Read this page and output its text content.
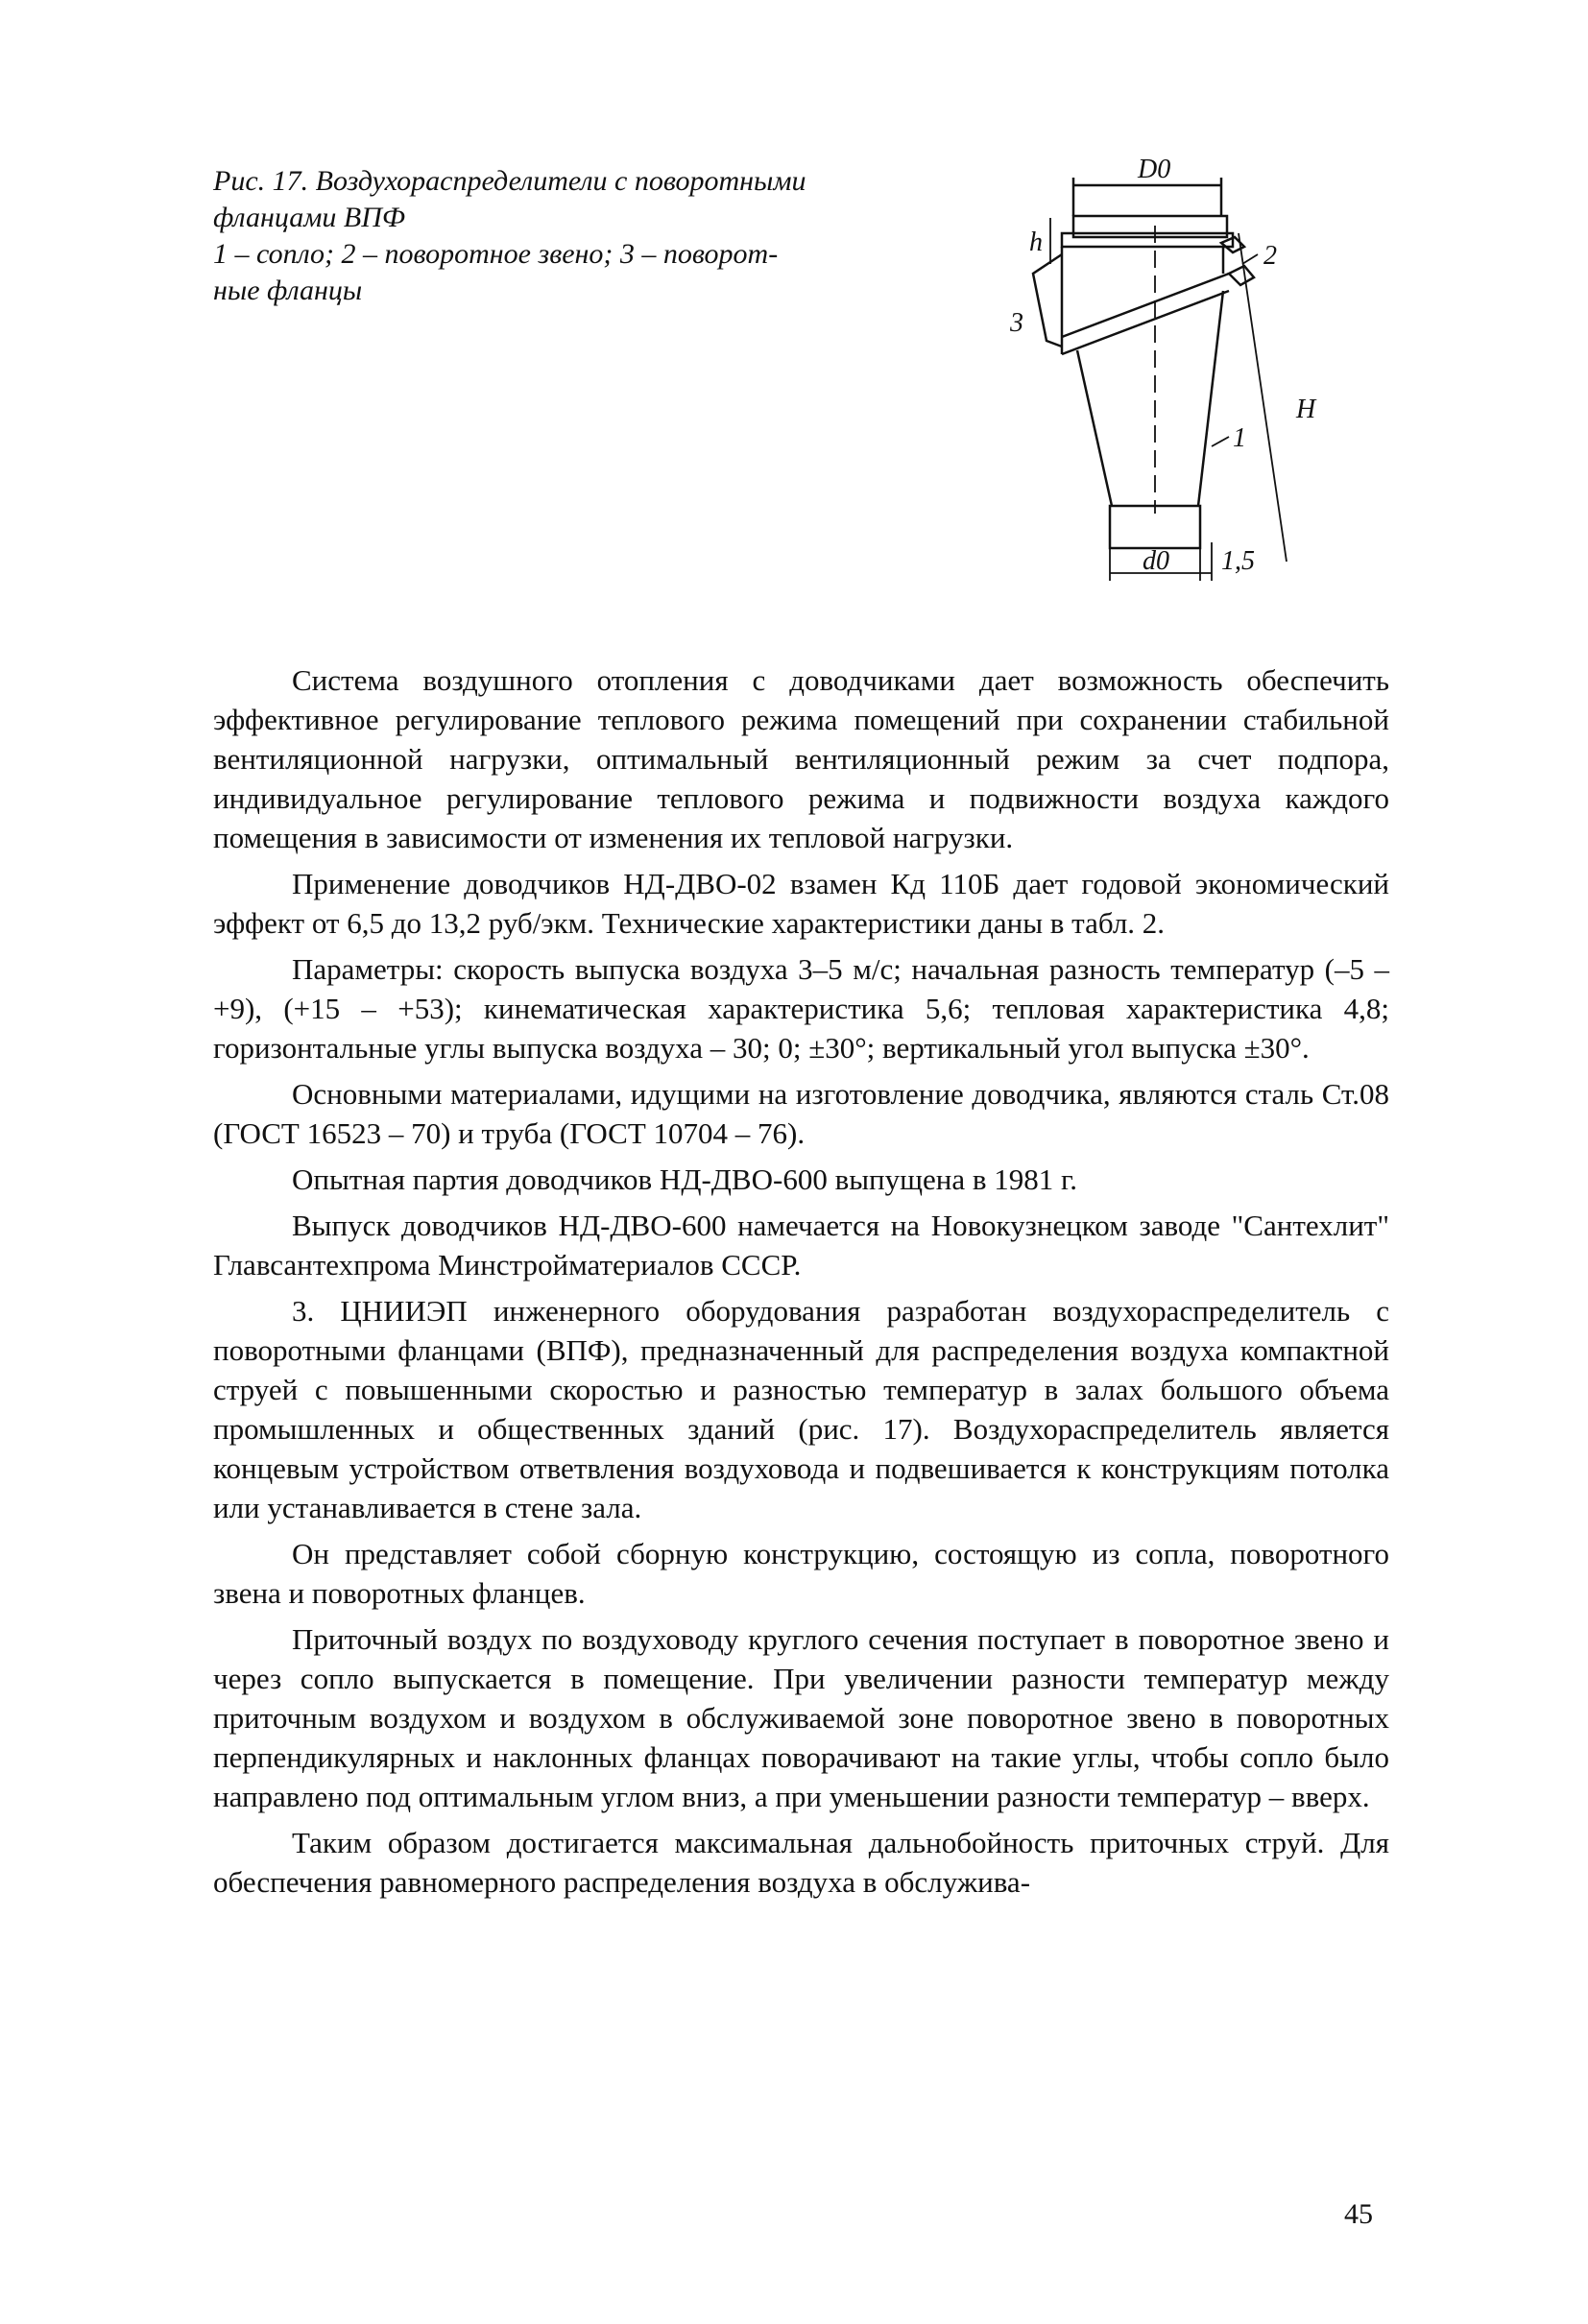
Рис. 17. Воздухораспределители с поворотными

фланцами ВПФ

1 – сопло; 2 – поворотное звено; 3 – поворот-

ные фланцы

D0
h
3
2
H
1
d0 1,5

Система воздушного отопления с доводчиками дает возможность обеспечить эффективное регулирование теплового режима помещений при сохранении стабильной вентиляционной нагрузки, оптимальный вентиляционный режим за счет подпора, индивидуальное регулирование теплового режима и подвижности воздуха каждого помещения в зависимости от изменения их тепловой нагрузки.

Применение доводчиков НД-ДВО-02 взамен Кд 110Б дает годовой экономический эффект от 6,5 до 13,2 руб/экм. Технические характеристики даны в табл. 2.

Параметры: скорость выпуска воздуха 3–5 м/с; начальная разность температур (–5 – +9), (+15 – +53); кинематическая характеристика 5,6; тепловая характеристика 4,8; горизонтальные углы выпуска воздуха – 30; 0; ±30°; вертикальный угол выпуска ±30°.

Основными материалами, идущими на изготовление доводчика, являются сталь Ст.08 (ГОСТ 16523 – 70) и труба (ГОСТ 10704 – 76).

Опытная партия доводчиков НД-ДВО-600 выпущена в 1981 г.

Выпуск доводчиков НД-ДВО-600 намечается на Новокузнецком заводе "Сантехлит" Главсантехпрома Минстройматериалов СССР.

3. ЦНИИЭП инженерного оборудования разработан воздухораспределитель с поворотными фланцами (ВПФ), предназначенный для распределения воздуха компактной струей с повышенными скоростью и разностью температур в залах большого объема промышленных и общественных зданий (рис. 17). Воздухораспределитель является концевым устройством ответвления воздуховода и подвешивается к конструкциям потолка или устанавливается в стене зала.

Он представляет собой сборную конструкцию, состоящую из сопла, поворотного звена и поворотных фланцев.

Приточный воздух по воздуховоду круглого сечения поступает в поворотное звено и через сопло выпускается в помещение. При увеличении разности температур между приточным воздухом и воздухом в обслуживаемой зоне поворотное звено в поворотных перпендикулярных и наклонных фланцах поворачивают на такие углы, чтобы сопло было направлено под оптимальным углом вниз, а при уменьшении разности температур – вверх.

Таким образом достигается максимальная дальнобойность приточных струй. Для обеспечения равномерного распределения воздуха в обслужива-

45
